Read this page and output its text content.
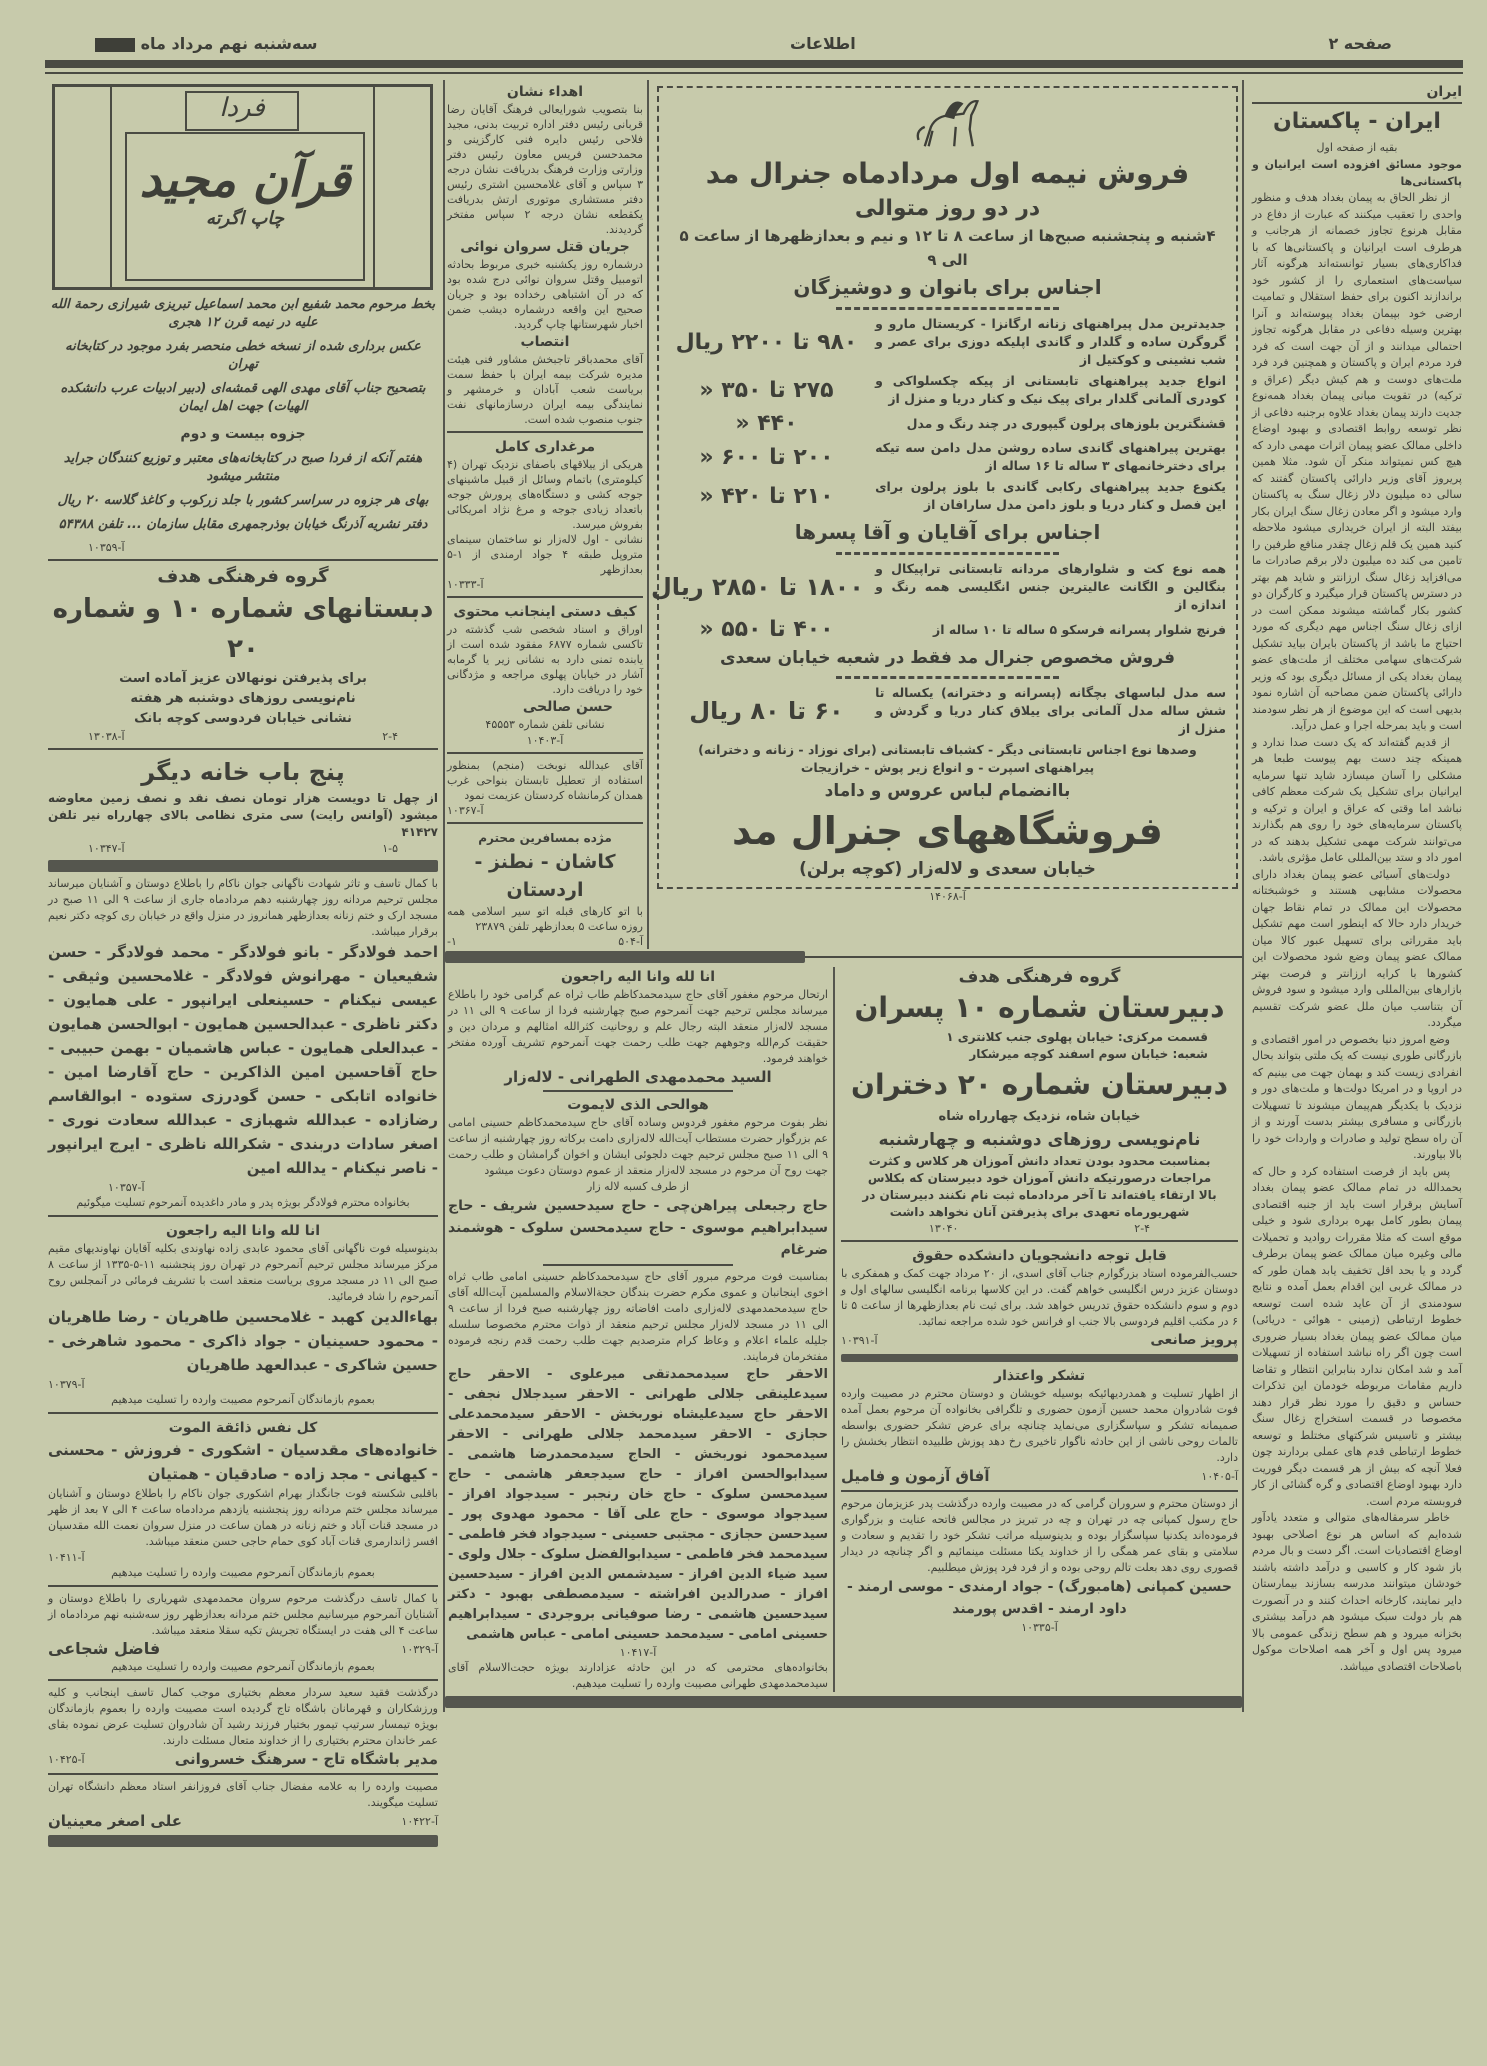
صفحه ۲
اطلاعات
سه‌شنبه نهم مرداد ماه
فردا
قرآن مجید
چاپ اگرته
بخط مرحوم محمد شفیع ابن محمد اسماعیل تبریزی شیرازی رحمة الله علیه در نیمه قرن ۱۲ هجری
عکس برداری شده از نسخه خطی منحصر بفرد موجود در کتابخانه تهران
بتصحیح جناب آقای مهدی الهی قمشه‌ای (دبیر ادبیات عرب دانشکده الهیات) جهت اهل ایمان
جزوه بیست و دوم
هفتم آنکه از فردا صبح در کتابخانه‌های معتبر و توزیع کنندگان جراید منتشر میشود
بهای هر جزوه در سراسر کشور با جلد زرکوب و کاغذ گلاسه ۲۰ ریال
دفتر نشریه آذرنگ خیابان بوذرجمهری مقابل سازمان ... تلفن ۵۴۳۸۸
آ-۱۰۳۵۹
گروه فرهنگی هدف
دبستانهای شماره ۱۰ و شماره ۲۰
برای پذیرفتن نونهالان عزیز آماده است
نام‌نویسی روزهای دوشنبه هر هفته
نشانی خیابان فردوسی کوچه بانک
۲-۴
آ-۱۳۰۳۸
پنج باب خانه دیگر
از چهل تا دویست هزار تومان نصف نقد و نصف زمین معاوضه میشود (آوانس رایت) سی متری نظامی بالای چهارراه نیر تلفن ۴۱۴۲۷
۱-۵
آ-۱۰۳۴۷
با کمال تاسف و تاثر شهادت ناگهانی جوان ناکام را باطلاع دوستان و آشنایان میرساند مجلس ترحیم مردانه روز چهارشنبه دهم مردادماه جاری از ساعت ۹ الی ۱۱ صبح در مسجد ارک و ختم زنانه بعدازظهر همانروز در منزل واقع در خیابان ری کوچه دکتر نعیم برقرار میباشد.
احمد فولادگر - بانو فولادگر - محمد فولادگر - حسن شفیعیان - مهرانوش فولادگر - غلامحسین وثیقی - عیسی نیکنام - حسینعلی ایرانپور - علی همایون - دکتر ناظری - عبدالحسین همایون - ابوالحسن همایون - عبدالعلی همایون - عباس هاشمیان - بهمن حبیبی - حاج آقاحسین امین الذاکرین - حاج آقارضا امین - خانواده اتابکی - حسن گودرزی ستوده - ابوالقاسم رضازاده - عبدالله شهبازی - عبدالله سعادت نوری - اصغر سادات دربندی - شکرالله ناظری - ایرج ایرانپور - ناصر نیکنام - یدالله امین
آ-۱۰۳۵۷
بخانواده محترم فولادگر بویژه پدر و مادر داغدیده آنمرحوم تسلیت میگوئیم
انا لله وانا الیه راجعون
بدینوسیله فوت ناگهانی آقای محمود عابدی زاده نهاوندی بکلیه آقایان نهاوندیهای مقیم مرکز میرساند مجلس ترحیم آنمرحوم در تهران روز پنجشنبه ۱۱-۵-۱۳۳۵ از ساعت ۸ صبح الی ۱۱ در مسجد مروی بریاست منعقد است با تشریف فرمائی در آنمجلس روح آنمرحوم را شاد فرمائید.
بهاءالدین کهبد - غلامحسین طاهریان - رضا طاهریان - محمود حسینیان - جواد ذاکری - محمود شاهرخی - حسین شاکری - عبدالعهد طاهریان
آ-۱۰۳۷۹
بعموم بازماندگان آنمرحوم مصیبت وارده را تسلیت میدهیم
کل نفس ذائقة الموت
خانواده‌های مقدسیان - اشکوری - فروزش - محسنی - کیهانی - مجد زاده - صادقیان - همتیان
باقلبی شکسته فوت جانگداز بهرام اشکوری جوان ناکام را باطلاع دوستان و آشنایان میرساند مجلس ختم مردانه روز پنجشنبه یازدهم مردادماه ساعت ۴ الی ۷ بعد از ظهر در مسجد قنات آباد و ختم زنانه در همان ساعت در منزل سروان نعمت الله مقدسیان افسر ژاندارمری قنات آباد کوی حمام حاجی حسن منعقد میباشد.
آ-۱۰۴۱۱
بعموم بازماندگان آنمرحوم مصیبت وارده را تسلیت میدهیم
با کمال تاسف درگذشت مرحوم سروان محمدمهدی شهریاری را باطلاع دوستان و آشنایان آنمرحوم میرسانیم مجلس ختم مردانه بعدازظهر روز سه‌شنبه نهم مردادماه از ساعت ۴ الی هفت در ایستگاه تجریش تکیه سقلا منعقد میباشد.
آ-۱۰۳۲۹
فاضل شجاعی
بعموم بازماندگان آنمرحوم مصیبت وارده را تسلیت میدهیم
درگذشت فقید سعید سردار معظم بختیاری موجب کمال تاسف اینجانب و کلیه ورزشکاران و قهرمانان باشگاه تاج گردیده است مصیبت وارده را بعموم بازماندگان بویژه تیمسار سرتیپ تیمور بختیار فرزند رشید آن شادروان تسلیت عرض نموده بقای عمر خاندان محترم بختیاری را از خداوند متعال مسئلت دارند.
مدیر باشگاه تاج - سرهنگ خسروانی
آ-۱۰۴۲۵
مصیبت وارده را به علامه مفضال جناب آقای فروزانفر استاد معظم دانشگاه تهران تسلیت میگویند.
آ-۱۰۴۲۲
علی اصغر معینیان
اهداء نشان
بنا بتصویب شورایعالی فرهنگ آقایان رضا قربانی رئیس دفتر اداره تربیت بدنی، مجید فلاحی رئیس دایره فنی کارگزینی و محمدحسن فریس معاون رئیس دفتر وزارتی وزارت فرهنگ بدریافت نشان درجه ۳ سپاس و آقای غلامحسین اشتری رئیس دفتر مستشاری موتوری ارتش بدریافت یکقطعه نشان درجه ۲ سپاس مفتخر گردیدند.
جریان قتل سروان نوائی
درشماره روز یکشنبه خبری مربوط بحادثه اتومبیل وقتل سروان نوائی درج شده بود که در آن اشتباهی رخداده بود و جریان صحیح این واقعه درشماره دیشب ضمن اخبار شهرستانها چاپ گردید.
انتصاب
آقای محمدباقر تاجبخش مشاور فنی هیئت مدیره شرکت بیمه ایران با حفظ سمت بریاست شعب آبادان و خرمشهر و نمایندگی بیمه ایران درسازمانهای نفت جنوب منصوب شده است.
مرغداری کامل
هریکی از ییلاقهای باصفای نزدیک تهران (۴ کیلومتری) باتمام وسائل از قبیل ماشینهای جوجه کشی و دستگاه‌های پرورش جوجه باتعداد زیادی جوجه و مرغ نژاد امریکائی بفروش میرسد.
نشانی - اول لاله‌زار نو ساختمان سینمای متروپل طبقه ۴ جواد ارمندی از ۱-۵ بعدازظهر
آ-۱۰۳۳۳
کیف دستی اینجانب محتوی
اوراق و اسناد شخصی شب گذشته در تاکسی شماره ۶۸۷۷ مفقود شده است از یابنده تمنی دارد به نشانی زیر یا گرمابه آشار در خیابان پهلوی مراجعه و مژدگانی خود را دریافت دارد.
حسن صالحی
نشانی تلفن شماره ۴۵۵۵۳
آ-۱۰۴۰۳
آقای عبدالله نوبخت (منجم) بمنظور استفاده از تعطیل تابستان بنواحی غرب همدان کرمانشاه کردستان عزیمت نمود
آ-۱۰۳۶۷
مژده بمسافرین محترم
کاشان - نطنز - اردستان
با اتو کارهای قبله اتو سیر اسلامی همه روزه ساعت ۵ بعدازظهر تلفن ۲۳۸۷۹
آ-۵۰۴
۱-
فروش نیمه اول مردادماه جنرال مد
در دو روز متوالی
۴شنبه و پنجشنبه صبح‌ها از ساعت ۸ تا ۱۲ و نیم و بعدازظهر‌ها از ساعت ۵ الی ۹
اجناس برای بانوان و دوشیزگان
جدیدترین مدل پیراهنهای زنانه ارگانزا - کریستال مارو و گروگرن ساده و گلدار و گاندی اپلیکه دوزی برای عصر و شب نشینی و کوکتیل از
۹۸۰ تا ۲۲۰۰ ریال
انواع جدید پیراهنهای تابستانی از پیکه چکسلواکی و کودری آلمانی گلدار برای پیک نیک و کنار دریا و منزل از
۲۷۵ تا ۳۵۰ «
قشنگترین بلوزهای پرلون گیپوری در چند رنگ و مدل
۴۴۰ «
بهترین پیراهنهای گاندی ساده روشن مدل دامن سه تیکه برای دخترخانمهای ۳ ساله تا ۱۶ ساله از
۲۰۰ تا ۶۰۰ «
یکنوع جدید پیراهنهای رکابی گاندی با بلوز پرلون برای این فصل و کنار دریا و بلوز دامن مدل سارافان از
۲۱۰ تا ۴۲۰ «
اجناس برای آقایان و آقا پسرها
همه نوع کت و شلوارهای مردانه تابستانی تراپیکال و بنگالین و الگانت عالیترین جنس انگلیسی همه رنگ و اندازه از
۱۸۰۰ تا ۲۸۵۰ ریال
فرنچ شلوار پسرانه فرسکو ۵ ساله تا ۱۰ ساله از
۴۰۰ تا ۵۵۰ «
فروش مخصوص جنرال مد فقط در شعبه خیابان سعدی
سه مدل لباسهای بچگانه (پسرانه و دخترانه) یکساله تا شش ساله مدل آلمانی برای ییلاق کنار دریا و گردش و منزل از
۶۰ تا ۸۰ ریال
وصدها نوع اجناس تابستانی دیگر - کشباف تابستانی (برای نوزاد - زنانه و دخترانه) پیراهنهای اسپرت - و انواع زیر پوش - خرازیجات
باانضمام لباس عروس و داماد
فروشگاههای جنرال مد
خیابان سعدی و لاله‌زار (کوچه برلن)
آ-۱۴۰۶۸
انا لله وانا الیه راجعون
ارتحال مرحوم مغفور آقای حاج سیدمحمدکاظم طاب ثراه عم گرامی خود را باطلاع میرساند مجلس ترحیم جهت آنمرحوم صبح چهارشنبه فردا از ساعت ۹ الی ۱۱ در مسجد لاله‌زار منعقد البته رجال علم و روحانیت کثرالله امثالهم و مردان دین و حقیقت کرم‌الله وجوههم جهت طلب رحمت جهت آنمرحوم تشریف آورده مفتخر خواهند فرمود.
السید محمدمهدی الطهرانی - لاله‌زار
هوالحی الذی لایموت
نظر بفوت مرحوم مغفور فردوس‌ وساده آقای حاج سیدمحمدکاظم حسینی امامی عم بزرگوار حضرت مستطاب آیت‌الله لاله‌زاری دامت برکاته روز چهارشنبه از ساعت ۹ الی ۱۱ صبح مجلس ترحیم جهت دلجوئی ایشان و اخوان گرامشان و طلب رحمت جهت روح آن مرحوم در مسجد لاله‌زار منعقد از عموم دوستان دعوت میشود
از طرف کسبه لاله زار
حاج رجبعلی پیراهن‌چی - حاج سیدحسین شریف - حاج سیدابراهیم موسوی - حاج سیدمحسن سلوک - هوشمند ضرغام
بمناسبت فوت مرحوم مبرور آقای حاج سیدمحمدکاظم حسینی امامی طاب ثراه اخوی اینجانبان و عموی مکرم حضرت بندگان حجة‌الاسلام والمسلمین آیت‌الله آقای حاج سیدمحمدمهدی لاله‌زاری دامت افاضاته روز چهارشنبه صبح فردا از ساعت ۹ الی ۱۱ در مسجد لاله‌زار مجلس ترحیم منعقد از ذوات محترم مخصوصا سلسله جلیله علماء اعلام و وعاظ کرام مترصدیم جهت طلب رحمت قدم رنجه فرموده مفتخرمان فرمایند.
الاحقر حاج سیدمحمدتقی میرعلوی - الاحقر حاج سیدعلینقی جلالی طهرانی - الاحقر سیدجلال نجفی - الاحقر حاج سیدعلیشاه نوربخش - الاحقر سیدمحمدعلی حجازی - الاحقر سیدمحمد جلالی طهرانی - الاحقر سیدمحمود نوربخش - الحاج سیدمحمدرضا هاشمی - سیدابوالحسن افراز - حاج سیدجعفر هاشمی - حاج سیدمحسن سلوک - حاج خان رنجبر - سیدجواد افراز - سیدجواد موسوی - حاج علی آقا - محمود مهدوی پور - سیدحسن حجازی - مجتبی حسینی - سیدجواد فخر فاطمی - سیدمحمد فخر فاطمی - سیدابوالفضل سلوک - جلال ولوی - سید ضیاء الدین افراز - سیدشمس الدین افراز - سیدحسین افراز - صدرالدین افراشته - سیدمصطفی بهبود - دکتر سیدحسین هاشمی - رضا صوفیانی بروجردی - سیدابراهیم حسینی امامی - سیدمحمد حسینی امامی - عباس هاشمی
آ-۱۰۴۱۷
بخانواده‌های محترمی که در این حادثه عزادارند بویژه حجت‌الاسلام آقای سیدمحمدمهدی طهرانی مصیبت وارده را تسلیت میدهیم.
گروه فرهنگی هدف
دبیرستان شماره ۱۰ پسران
قسمت مرکزی: خیابان پهلوی جنب کلانتری ۱
شعبه: خیابان سوم اسفند کوچه میرشکار
دبیرستان شماره ۲۰ دختران
خیابان شاه، نزدیک چهارراه شاه
نام‌نویسی روزهای دوشنبه و چهارشنبه
بمناسبت محدود بودن تعداد دانش آموزان هر کلاس و کثرت مراجعات درصورتیکه دانش آموزان خود دبیرستان که بکلاس بالا ارتقاء یافته‌اند تا آخر مردادماه ثبت نام نکنند دبیرستان در شهریورماه تعهدی برای پذیرفتن آنان نخواهد داشت
۲-۴
۱۳۰۴۰
قابل توجه دانشجویان دانشکده حقوق
حسب‌الفرموده استاد بزرگوارم جناب آقای اسدی، از ۲۰ مرداد جهت کمک و همفکری با دوستان عزیز درس انگلیسی خواهم گفت. در این کلاسها برنامه انگلیسی سالهای اول و دوم و سوم دانشکده حقوق تدریس خواهد شد. برای ثبت نام بعدازظهر‌ها از ساعت ۵ تا ۶ در مکتب اقلیم فردوسی بالا جنب او فرانس خود شده مراجعه نمائید.
پرویز صانعی
آ-۱۰۳۹۱
تشکر واعتذار
از اظهار تسلیت و همدردیهائیکه بوسیله خویشان و دوستان محترم در مصیبت وارده فوت شادروان محمد حسین آزمون حضوری و تلگرافی بخانواده آن مرحوم بعمل آمده صمیمانه تشکر و سپاسگزاری می‌نماید چنانچه برای عرض تشکر حضوری بواسطه تالمات روحی ناشی از این حادثه ناگوار تاخیری رخ دهد پوزش طلبیده انتظار بخشش را دارد.
آ-۱۰۴۰۵
آفاق آزمون و فامیل
از دوستان محترم و سروران گرامی که در مصیبت وارده درگذشت پدر عزیزمان مرحوم حاج رسول کمپانی چه در تهران و چه در تبریز در مجالس فاتحه عنایت و بزرگواری فرموده‌اند یکدنیا سپاسگزار بوده و بدینوسیله مراتب تشکر خود را تقدیم و سعادت و سلامتی و بقای عمر همگی را از خداوند یکتا مسئلت مینمائیم و اگر چنانچه در دیدار قصوری روی دهد بعلت تالم روحی بوده و از فرد فرد پوزش میطلبیم.
حسین کمپانی (هامبورگ) - جواد ارمندی - موسی ارمند - داود ارمند - اقدس پورمند
آ-۱۰۳۳۵
ایران
ایران - پاکستان
بقیه از صفحه اول
موجود مسائق افزوده است ایرانیان و پاکستانی‌ها
از نظر الحاق به پیمان بغداد هدف و منظور واحدی را تعقیب میکنند که عبارت از دفاع در مقابل هرنوع تجاوز خصمانه از هرجانب و هرطرف است ایرانیان و پاکستانی‌ها که با فداکاری‌های بسیار توانسته‌اند هرگونه آثار سیاست‌های استعماری را از کشور خود براندازند اکنون برای حفظ استقلال و تمامیت ارضی خود بپیمان بغداد پیوسته‌اند و آنرا بهترین وسیله دفاعی در مقابل هرگونه تجاوز احتمالی میدانند و از آن جهت است که فرد فرد مردم ایران و پاکستان و همچنین فرد فرد ملت‌های دوست و هم کیش دیگر (عراق و ترکیه) در تقویت مبانی پیمان بغداد همه‌نوع جدیت دارند پیمان بغداد علاوه برجنبه دفاعی از نظر توسعه روابط اقتصادی و بهبود اوضاع داخلی ممالک عضو پیمان اثرات مهمی دارد که هیچ کس نمیتواند منکر آن شود. مثلا همین پریروز آقای وزیر دارائی پاکستان گفتند که سالی ده میلیون دلار زغال سنگ به پاکستان وارد میشود و اگر معادن زغال سنگ ایران بکار بیفتد البته از ایران خریداری میشود ملاحظه کنید همین یک قلم زغال چقدر منافع طرفین را تامین می کند ده میلیون دلار برقم صادرات ما می‌افزاید زغال سنگ ارزانتر و شاید هم بهتر در دسترس پاکستان قرار میگیرد و کارگران دو کشور بکار گماشته میشوند ممکن است در ازای زغال سنگ اجناس مهم دیگری که مورد احتیاج ما باشد از پاکستان بایران بیاید تشکیل شرکت‌های سهامی مختلف از ملت‌های عضو پیمان بغداد یکی از مسائل دیگری بود که وزیر دارائی پاکستان ضمن مصاحبه آن اشاره نمود بدیهی است که این موضوع از هر نظر سودمند است و باید بمرحله اجرا و عمل درآید.
از قدیم گفته‌اند که یک دست صدا ندارد و همینکه چند دست بهم پیوست طبعا هر مشکلی را آسان میسازد شاید تنها سرمایه ایرانیان برای تشکیل یک شرکت معظم کافی نباشد اما وقتی که عراق و ایران و ترکیه و پاکستان سرمایه‌های خود را روی هم بگذارند می‌توانند شرکت مهمی تشکیل بدهند که در امور داد و ستد بین‌المللی عامل مؤثری باشد.
دولت‌های آسیائی عضو پیمان بغداد دارای محصولات مشابهی هستند و خوشبختانه محصولات این ممالک در تمام نقاط جهان خریدار دارد حالا که اینطور است مهم تشکیل باید مقرراتی برای تسهیل عبور کالا میان ممالک عضو پیمان وضع شود محصولات این کشورها با کرایه ارزانتر و فرصت بهتر بازارهای بین‌المللی وارد میشود و سود فروش آن بتناسب میان ملل عضو شرکت تقسیم میگردد.
وضع امروز دنیا بخصوص در امور اقتصادی و بازرگانی طوری نیست که یک ملتی بتواند بحال انفرادی زیست کند و بهمان جهت می بینیم که در اروپا و در امریکا دولت‌ها و ملت‌های دور و نزدیک با یکدیگر هم‌پیمان میشوند تا تسهیلات بازرگانی و مسافری بیشتر بدست آورند و از آن راه سطح تولید و صادرات و واردات خود را بالا بیاورند.
پس باید از فرصت استفاده کرد و حال که بحمدالله در تمام ممالک عضو پیمان بغداد آسایش برقرار است باید از جنبه اقتصادی پیمان بطور کامل بهره برداری شود و خیلی موقع است که مثلا مقررات روادید و تحمیلات مالی وغیره میان ممالک عضو پیمان برطرف گردد و یا بحد اقل تخفیف یابد همان طور که در ممالک غربی این اقدام بعمل آمده و نتایج سودمندی از آن عاید شده است توسعه خطوط ارتباطی (زمینی - هوائی - دریائی) میان ممالک عضو پیمان بغداد بسیار ضروری است چون اگر راه نباشد استفاده از تسهیلات آمد و شد امکان ندارد بنابراین انتظار و تقاضا داریم مقامات مربوطه خودمان این تذکرات حساس و دقیق را مورد نظر قرار دهند مخصوصا در قسمت استخراج زغال سنگ بیشتر و تاسیس شرکتهای مختلط و توسعه خطوط ارتباطی قدم های عملی بردارند چون فعلا آنچه که بیش از هر قسمت دیگر فوریت دارد بهبود اوضاع اقتصادی و گره گشائی از کار فروبسته مردم است.
خاطر سرمقاله‌های متوالی و متعدد یادآور شده‌ایم که اساس هر نوع اصلاحی بهبود اوضاع اقتصادیات است. اگر دست و بال مردم باز شود کار و کاسبی و درآمد داشته باشند خودشان میتوانند مدرسه بسازند بیمارستان دایر نمایند، کارخانه احداث کنند و در آنصورت هم بار دولت سبک میشود هم درآمد بیشتری بخزانه میرود و هم سطح زندگی عمومی بالا میرود پس اول و آخر همه اصلاحات موکول باصلاحات اقتصادی میباشد.
